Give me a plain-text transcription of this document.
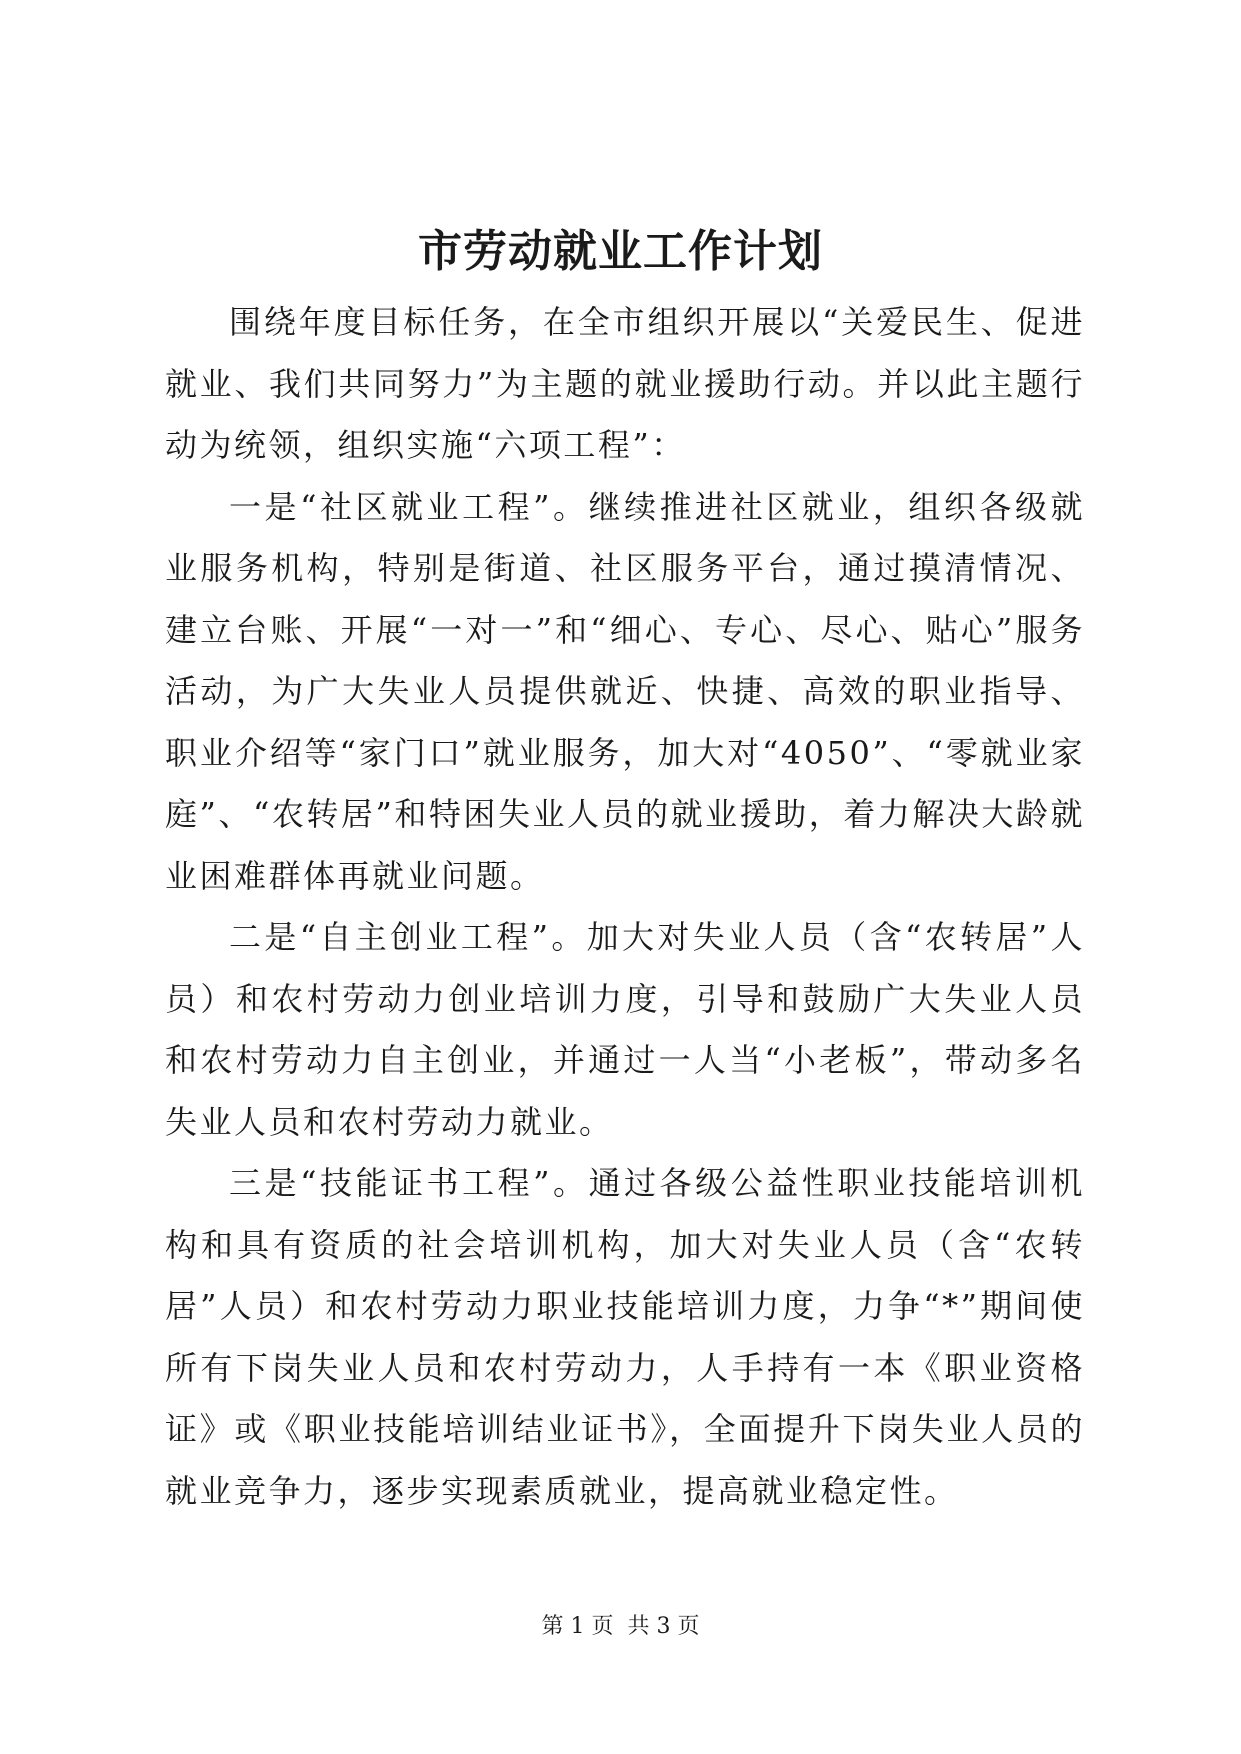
市劳动就业工作计划

围绕年度目标任务，在全市组织开展以“关爱民生、促进就业、我们共同努力”为主题的就业援助行动。并以此主题行动为统领，组织实施“六项工程”：

一是“社区就业工程”。继续推进社区就业，组织各级就业服务机构，特别是街道、社区服务平台，通过摸清情况、建立台账、开展“一对一”和“细心、专心、尽心、贴心”服务活动，为广大失业人员提供就近、快捷、高效的职业指导、职业介绍等“家门口”就业服务，加大对“4050”、“零就业家庭”、“农转居”和特困失业人员的就业援助，着力解决大龄就业困难群体再就业问题。

二是“自主创业工程”。加大对失业人员（含“农转居”人员）和农村劳动力创业培训力度，引导和鼓励广大失业人员和农村劳动力自主创业，并通过一人当“小老板”，带动多名失业人员和农村劳动力就业。

三是“技能证书工程”。通过各级公益性职业技能培训机构和具有资质的社会培训机构，加大对失业人员（含“农转居”人员）和农村劳动力职业技能培训力度，力争“*”期间使所有下岗失业人员和农村劳动力，人手持有一本《职业资格证》或《职业技能培训结业证书》，全面提升下岗失业人员的就业竞争力，逐步实现素质就业，提高就业稳定性。

第 1 页  共 3 页
